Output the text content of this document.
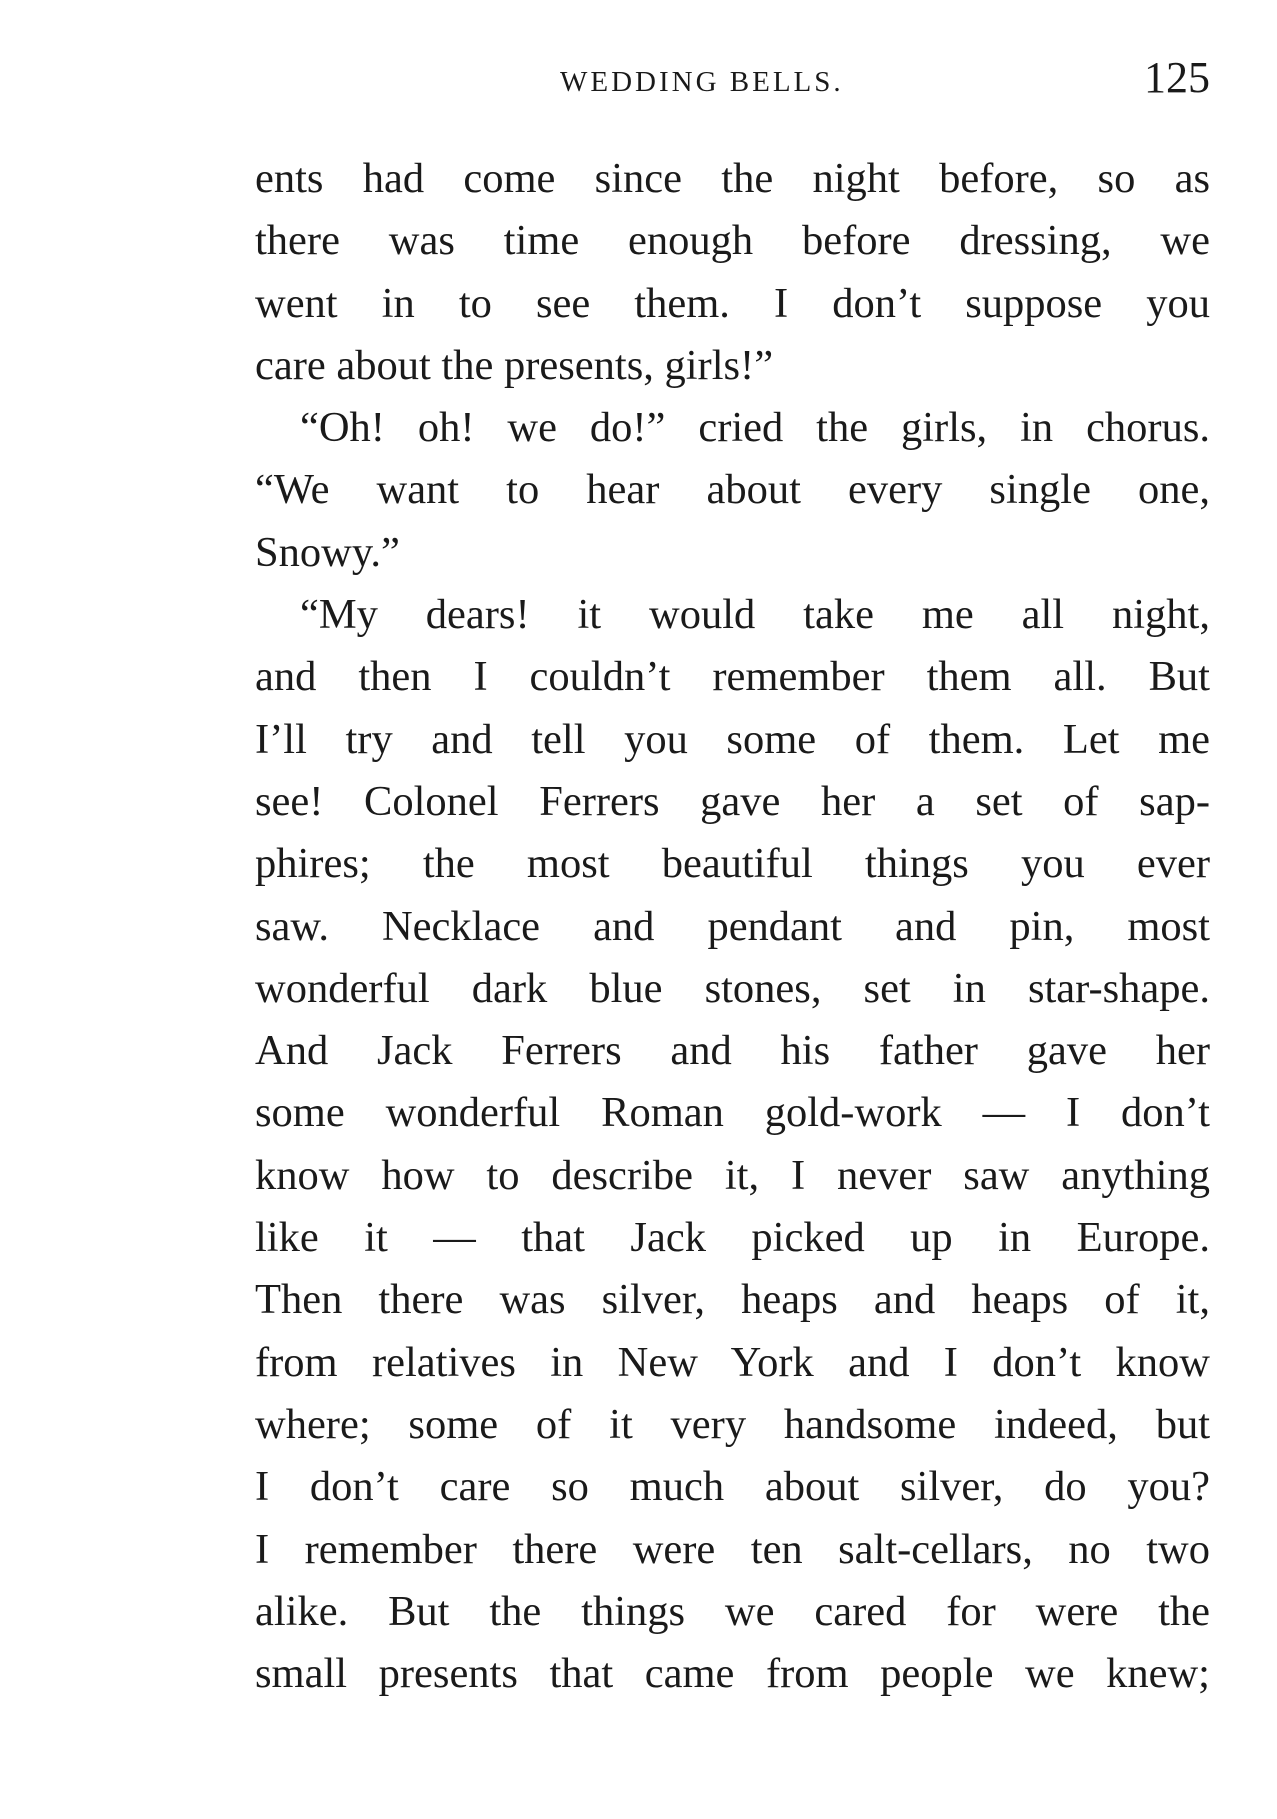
WEDDING BELLS.	125
ents had come since the night before, so as
there was time enough before dressing, we
went in to see them. I don’t suppose you
care about the presents, girls!”
“Oh! oh! we do!” cried the girls, in chorus.
“We want to hear about every single one,
Snowy.”
“My dears! it would take me all night,
and then I couldn’t remember them all. But
I’ll try and tell you some of them. Let me
see! Colonel Ferrers gave her a set of sap-
phires; the most beautiful things you ever
saw. Necklace and pendant and pin, most
wonderful dark blue stones, set in star-shape.
And Jack Ferrers and his father gave her
some wonderful Roman gold-work — I don’t
know how to describe it, I never saw anything
like it — that Jack picked up in Europe.
Then there was silver, heaps and heaps of it,
from relatives in New York and I don’t know
where; some of it very handsome indeed, but
I don’t care so much about silver, do you?
I remember there were ten salt-cellars, no two
alike. But the things we cared for were the
small presents that came from people we knew;
